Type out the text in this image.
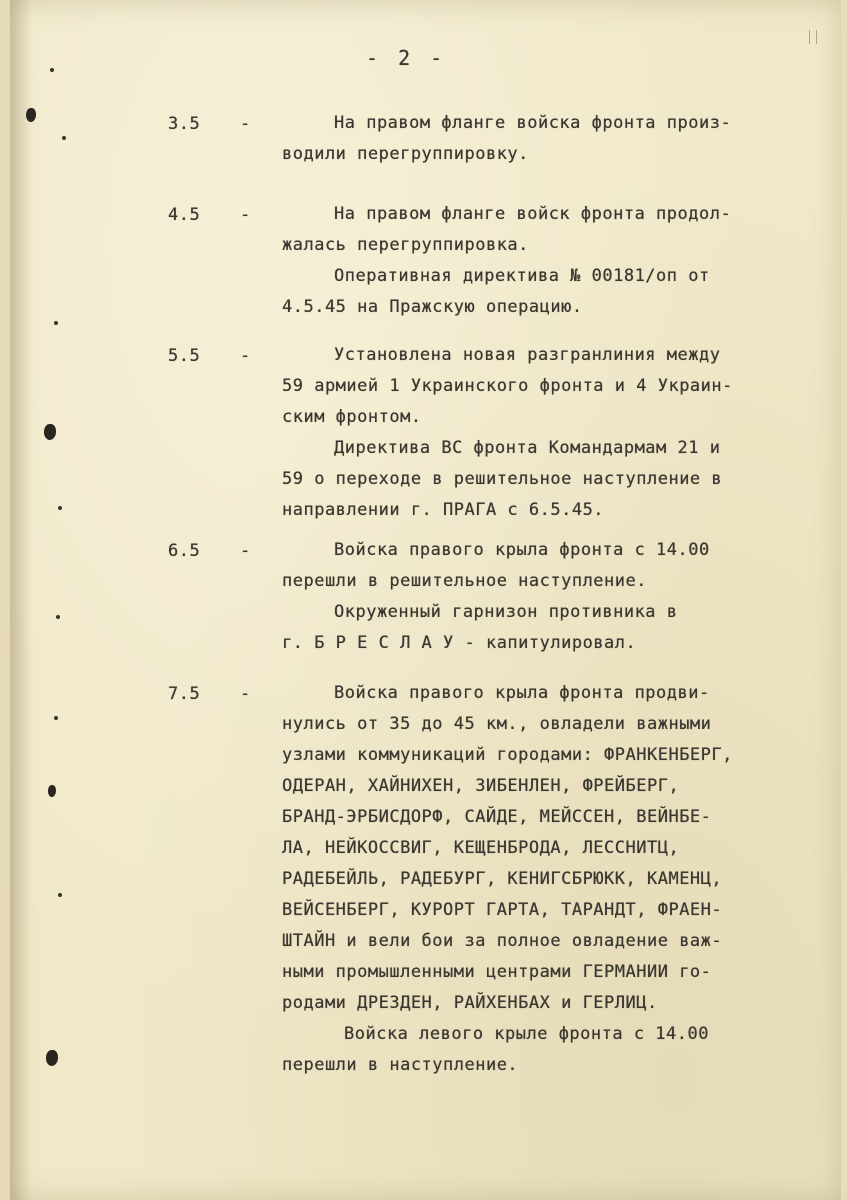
- 2 -
3.5 -	На правом фланге войска фронта произ-
водили перегруппировку.
4.5 -	На правом фланге войск фронта продол-
жалась перегруппировка.
Оперативная директива № 00181/оп от
4.5.45 на Пражскую операцию.
5.5 -	Установлена новая разгранлиния между
59 армией 1 Украинского фронта и 4 Украин-
ским фронтом.
Директива ВС фронта Командармам 21 и
59 о переходе в решительное наступление в
направлении г. ПРАГА с 6.5.45.
6.5 -	Войска правого крыла фронта с 14.00
перешли в решительное наступление.
Окруженный гарнизон противника в
г. Б Р Е С Л А У - капитулировал.
7.5 -	Войска правого крыла фронта продви-
нулись от 35 до 45 км., овладели важными
узлами коммуникаций городами: ФРАНКЕНБЕРГ,
ОДЕРАН, ХАЙНИХЕН, ЗИБЕНЛЕН, ФРЕЙБЕРГ,
БРАНД-ЭРБИСДОРФ, САЙДЕ, МЕЙССЕН, ВЕЙНБЕ-
ЛА, НЕЙКОССВИГ, КЕЩЕНБРОДА, ЛЕССНИТЦ,
РАДЕБЕЙЛЬ, РАДЕБУРГ, КЕНИГСБРЮКК, КАМЕНЦ,
ВЕЙСЕНБЕРГ, КУРОРТ ГАРТА, ТАРАНДТ, ФРАЕН-
ШТАЙН и вели бои за полное овладение важ-
ными промышленными центрами ГЕРМАНИИ го-
родами ДРЕЗДЕН, РАЙХЕНБАХ и ГЕРЛИЦ.
Войска левого крыле фронта с 14.00
перешли в наступление.
